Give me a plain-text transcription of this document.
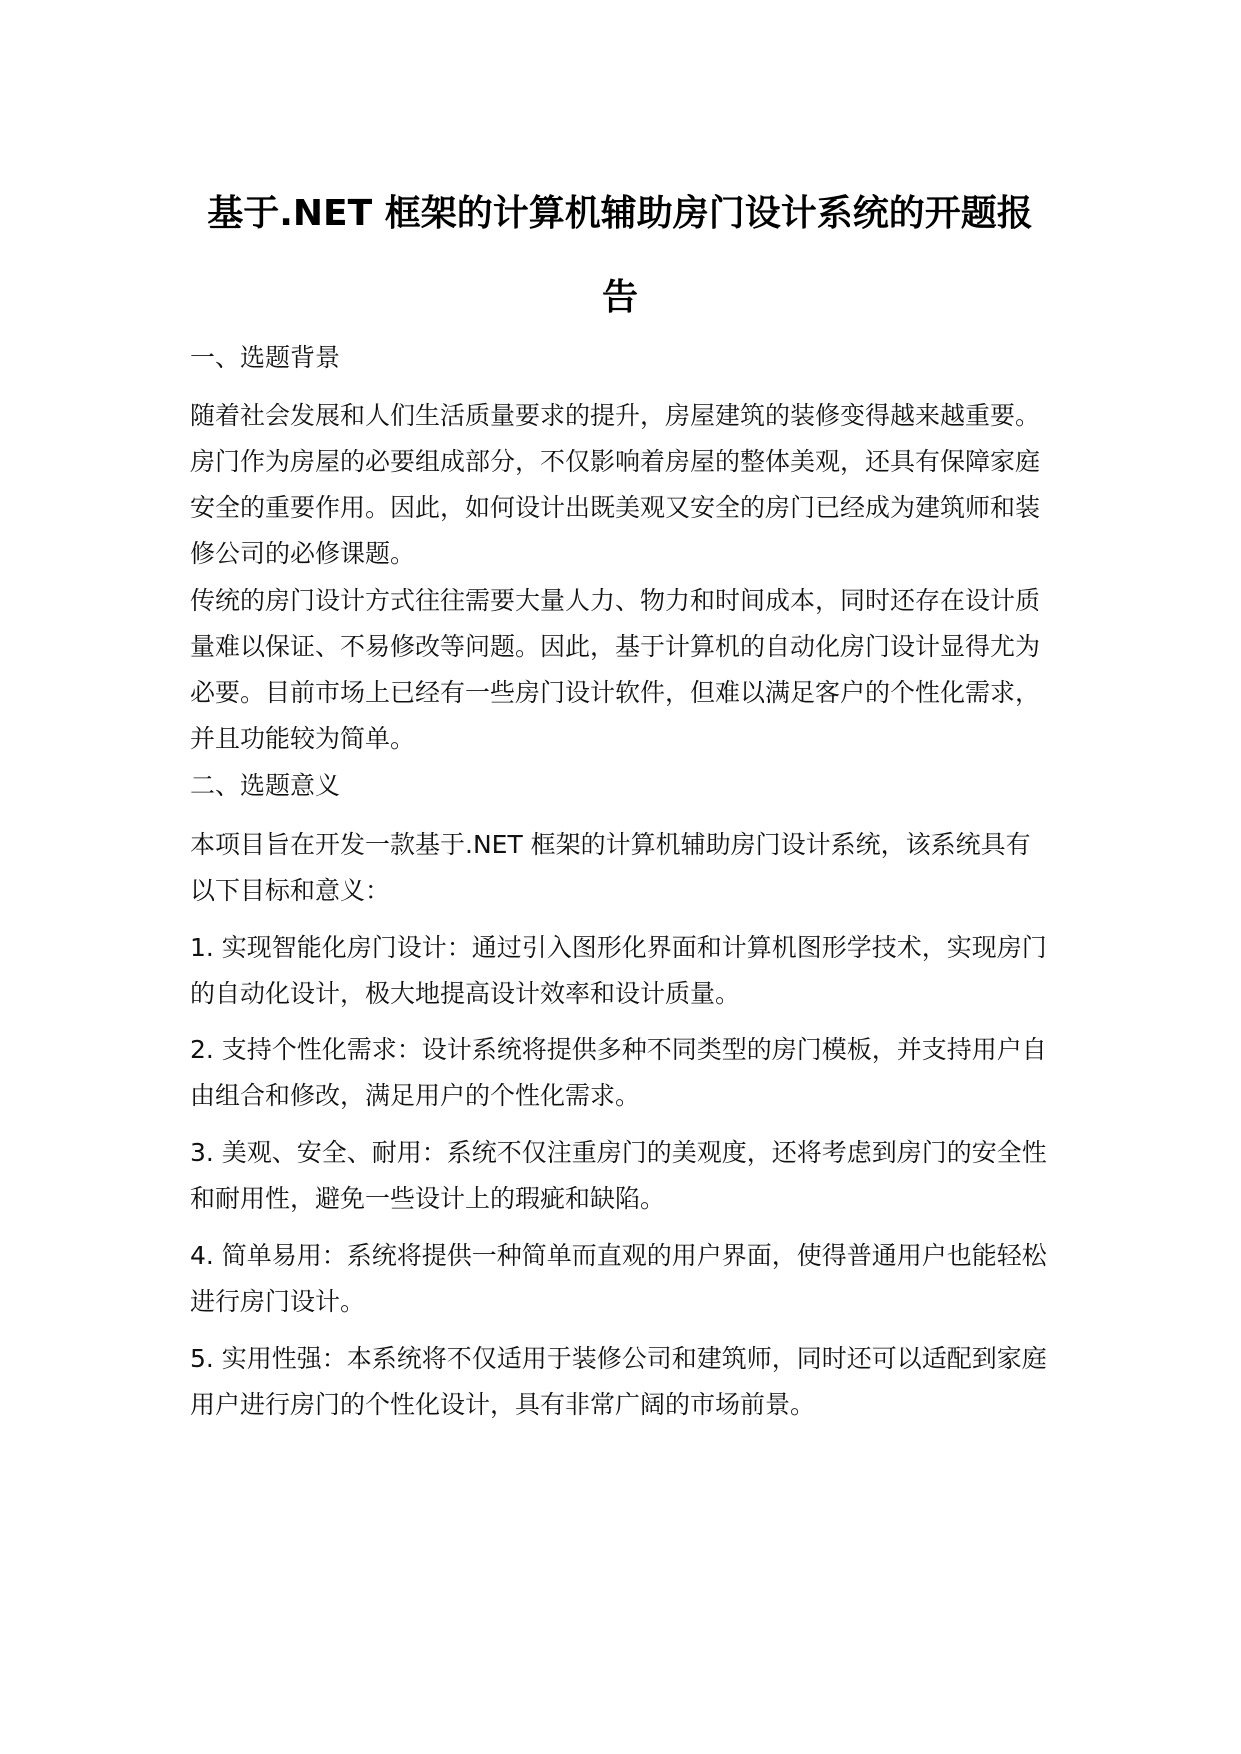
基于.NET 框架的计算机辅助房门设计系统的开题报告

一、选题背景

随着社会发展和人们生活质量要求的提升，房屋建筑的装修变得越来越重要。房门作为房屋的必要组成部分，不仅影响着房屋的整体美观，还具有保障家庭安全的重要作用。因此，如何设计出既美观又安全的房门已经成为建筑师和装修公司的必修课题。

传统的房门设计方式往往需要大量人力、物力和时间成本，同时还存在设计质量难以保证、不易修改等问题。因此，基于计算机的自动化房门设计显得尤为必要。目前市场上已经有一些房门设计软件，但难以满足客户的个性化需求，并且功能较为简单。

二、选题意义

本项目旨在开发一款基于.NET 框架的计算机辅助房门设计系统，该系统具有以下目标和意义：

1. 实现智能化房门设计：通过引入图形化界面和计算机图形学技术，实现房门的自动化设计，极大地提高设计效率和设计质量。

2. 支持个性化需求：设计系统将提供多种不同类型的房门模板，并支持用户自由组合和修改，满足用户的个性化需求。

3. 美观、安全、耐用：系统不仅注重房门的美观度，还将考虑到房门的安全性和耐用性，避免一些设计上的瑕疵和缺陷。

4. 简单易用：系统将提供一种简单而直观的用户界面，使得普通用户也能轻松进行房门设计。

5. 实用性强：本系统将不仅适用于装修公司和建筑师，同时还可以适配到家庭用户进行房门的个性化设计，具有非常广阔的市场前景。
